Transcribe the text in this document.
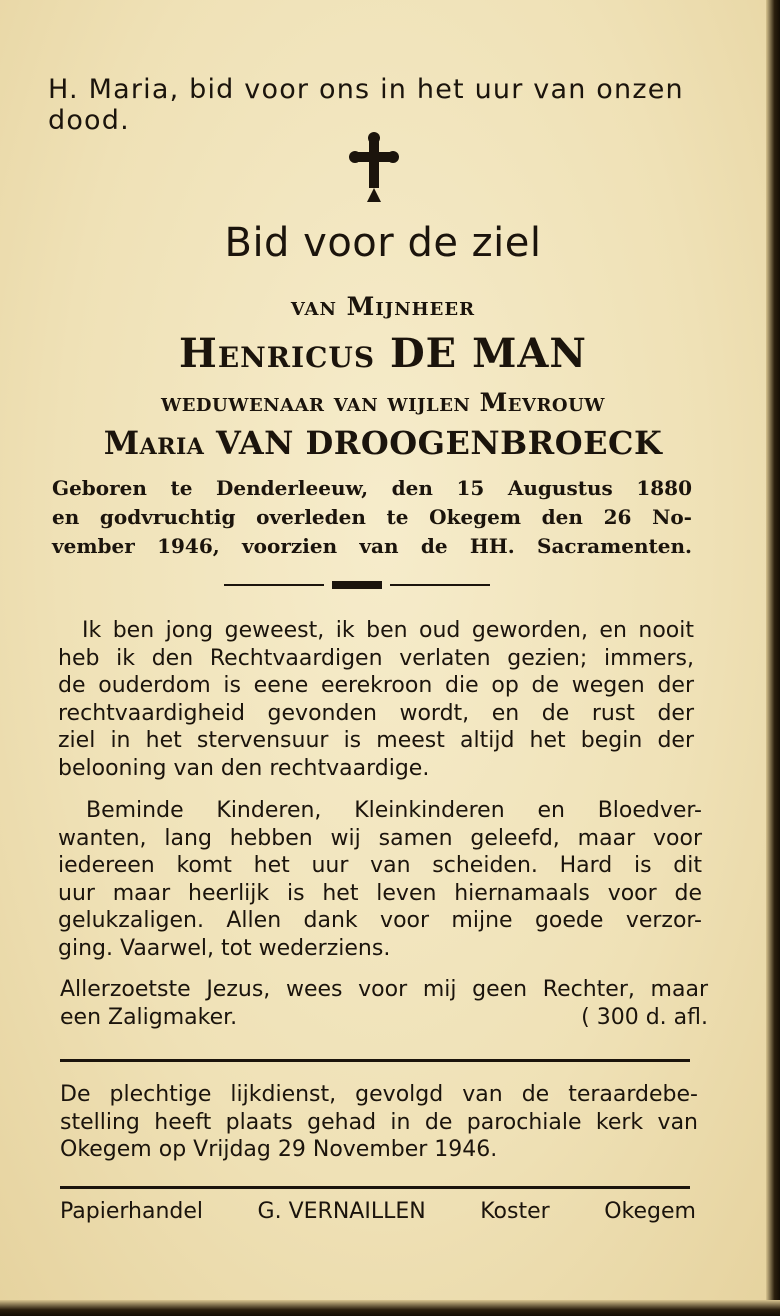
H. Maria, bid voor ons in het uur van onzen dood.

Bid voor de ziel

van Mijnheer

Henricus DE MAN

weduwenaar van wijlen Mevrouw

Maria VAN DROOGENBROECK

Geboren te Denderleeuw, den 15 Augustus 1880
en godvruchtig overleden te Okegem den 26 No-
vember 1946, voorzien van de HH. Sacramenten.

Ik ben jong geweest, ik ben oud geworden, en nooit
heb ik den Rechtvaardigen verlaten gezien; immers,
de ouderdom is eene eerekroon die op de wegen der
rechtvaardigheid gevonden wordt, en de rust der
ziel in het stervensuur is meest altijd het begin der
belooning van den rechtvaardige.

Beminde Kinderen, Kleinkinderen en Bloedver-
wanten, lang hebben wij samen geleefd, maar voor
iedereen komt het uur van scheiden. Hard is dit
uur maar heerlijk is het leven hiernamaals voor de
gelukzaligen. Allen dank voor mijne goede verzor-
ging. Vaarwel, tot wederziens.

Allerzoetste Jezus, wees voor mij geen Rechter, maar
een Zaligmaker.	( 300 d. afl.

De plechtige lijkdienst, gevolgd van de teraardebe-
stelling heeft plaats gehad in de parochiale kerk van
Okegem op Vrijdag 29 November 1946.

Papierhandel G. VERNAILLEN Koster Okegem
